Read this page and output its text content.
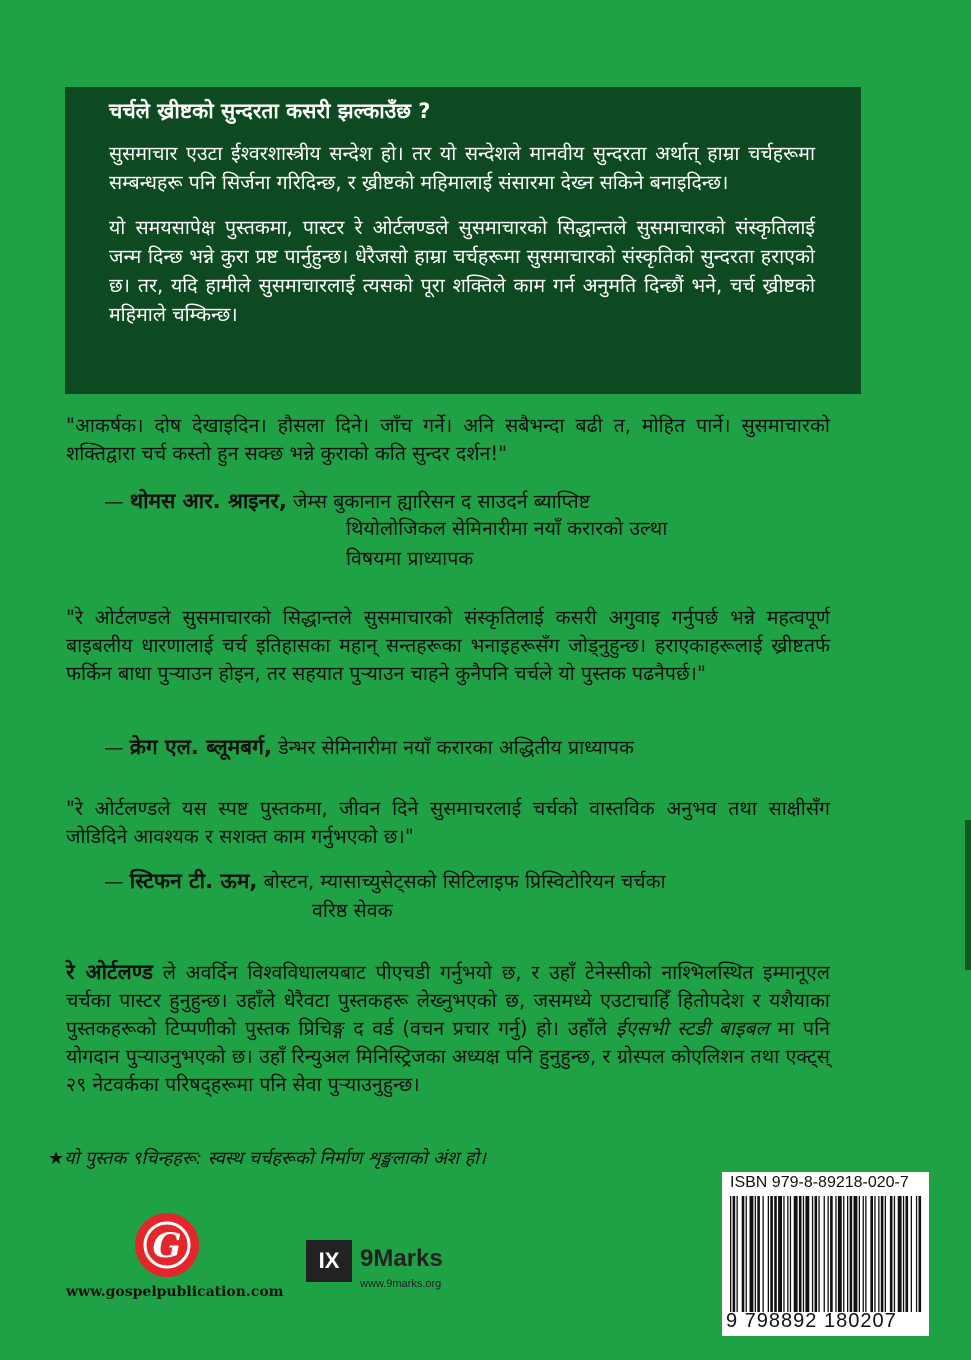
चर्चले ख्रीष्टको सुन्दरता कसरी झल्काउँछ ?

सुसमाचार एउटा ईश्वरशास्त्रीय सन्देश हो। तर यो सन्देशले मानवीय सुन्दरता अर्थात् हाम्रा चर्चहरूमा सम्बन्धहरू पनि सिर्जना गरिदिन्छ, र ख्रीष्टको महिमालाई संसारमा देख्न सकिने बनाइदिन्छ।

यो समयसापेक्ष पुस्तकमा, पास्टर रे ओर्टलण्डले सुसमाचारको सिद्धान्तले सुसमाचारको संस्कृतिलाई जन्म दिन्छ भन्ने कुरा प्रष्ट पार्नुहुन्छ। धेरैजसो हाम्रा चर्चहरूमा सुसमाचारको संस्कृतिको सुन्दरता हराएको छ। तर, यदि हामीले सुसमाचारलाई त्यसको पूरा शक्तिले काम गर्न अनुमति दिन्छौं भने, चर्च ख्रीष्टको महिमाले चम्किन्छ।

"आकर्षक। दोष देखाइदिन। हौसला दिने। जाँच गर्ने। अनि सबैभन्दा बढी त, मोहित पार्ने। सुसमाचारको शक्तिद्वारा चर्च कस्तो हुन सक्छ भन्ने कुराको कति सुन्दर दर्शन!"
— थोमस आर. श्राइनर, जेम्स बुकानान ह्यारिसन द साउदर्न ब्याप्तिष्ट
थियोलोजिकल सेमिनारीमा नयाँ करारको उल्था
विषयमा प्राध्यापक
"रे ओर्टलण्डले सुसमाचारको सिद्धान्तले सुसमाचारको संस्कृतिलाई कसरी अगुवाइ गर्नुपर्छ भन्ने महत्वपूर्ण बाइबलीय धारणालाई चर्च इतिहासका महान् सन्तहरूका भनाइहरूसँग जोड्नुहुन्छ। हराएकाहरूलाई ख्रीष्टतर्फ फर्किन बाधा पुर्‍याउन होइन, तर सहयात पुर्‍याउन चाहने कुनैपनि चर्चले यो पुस्तक पढनैपर्छ।"
— क्रेग एल. ब्लूमबर्ग, डेन्भर सेमिनारीमा नयाँ करारका अद्धितीय प्राध्यापक
"रे ओर्टलण्डले यस स्पष्ट पुस्तकमा, जीवन दिने सुसमाचरलाई चर्चको वास्तविक अनुभव तथा साक्षीसँग जोडिदिने आवश्यक र सशक्त काम गर्नुभएको छ।"
— स्टिफन टी. ऊम, बोस्टन, म्यासाच्युसेट्सको सिटिलाइफ प्रिस्विटोरियन चर्चका
वरिष्ठ सेवक
रे ओर्टलण्ड ले अवर्दिन विश्वविधालयबाट पीएचडी गर्नुभयो छ, र उहाँ टेनेस्सीको नाश्भिलस्थित इम्मानूएल चर्चका पास्टर हुनुहुन्छ। उहाँले धेरैवटा पुस्तकहरू लेख्नुभएको छ, जसमध्ये एउटाचाहिँ हितोपदेश र यशैयाका पुस्तकहरूको टिप्पणीको पुस्तक प्रिचिङ्ग द वर्ड (वचन प्रचार गर्नु) हो। उहाँले ईएसभी स्टडी बाइबल मा पनि योगदान पुर्‍याउनुभएको छ। उहाँ रिन्युअल मिनिस्ट्रिजका अध्यक्ष पनि हुनुहुन्छ, र ग्रोस्पल कोएलिशन तथा एक्ट्स् २९ नेटवर्कका परिषद्हरूमा पनि सेवा पुर्‍याउनुहुन्छ।
★यो पुस्तक ९चिन्हहरू: स्वस्थ चर्चहरूको निर्माण शृङ्खलाको अंश हो।
G
www.gospelpublication.com
IX 9Marks
www.9marks.org
ISBN 979-8-89218-020-7
9 798892 180207
